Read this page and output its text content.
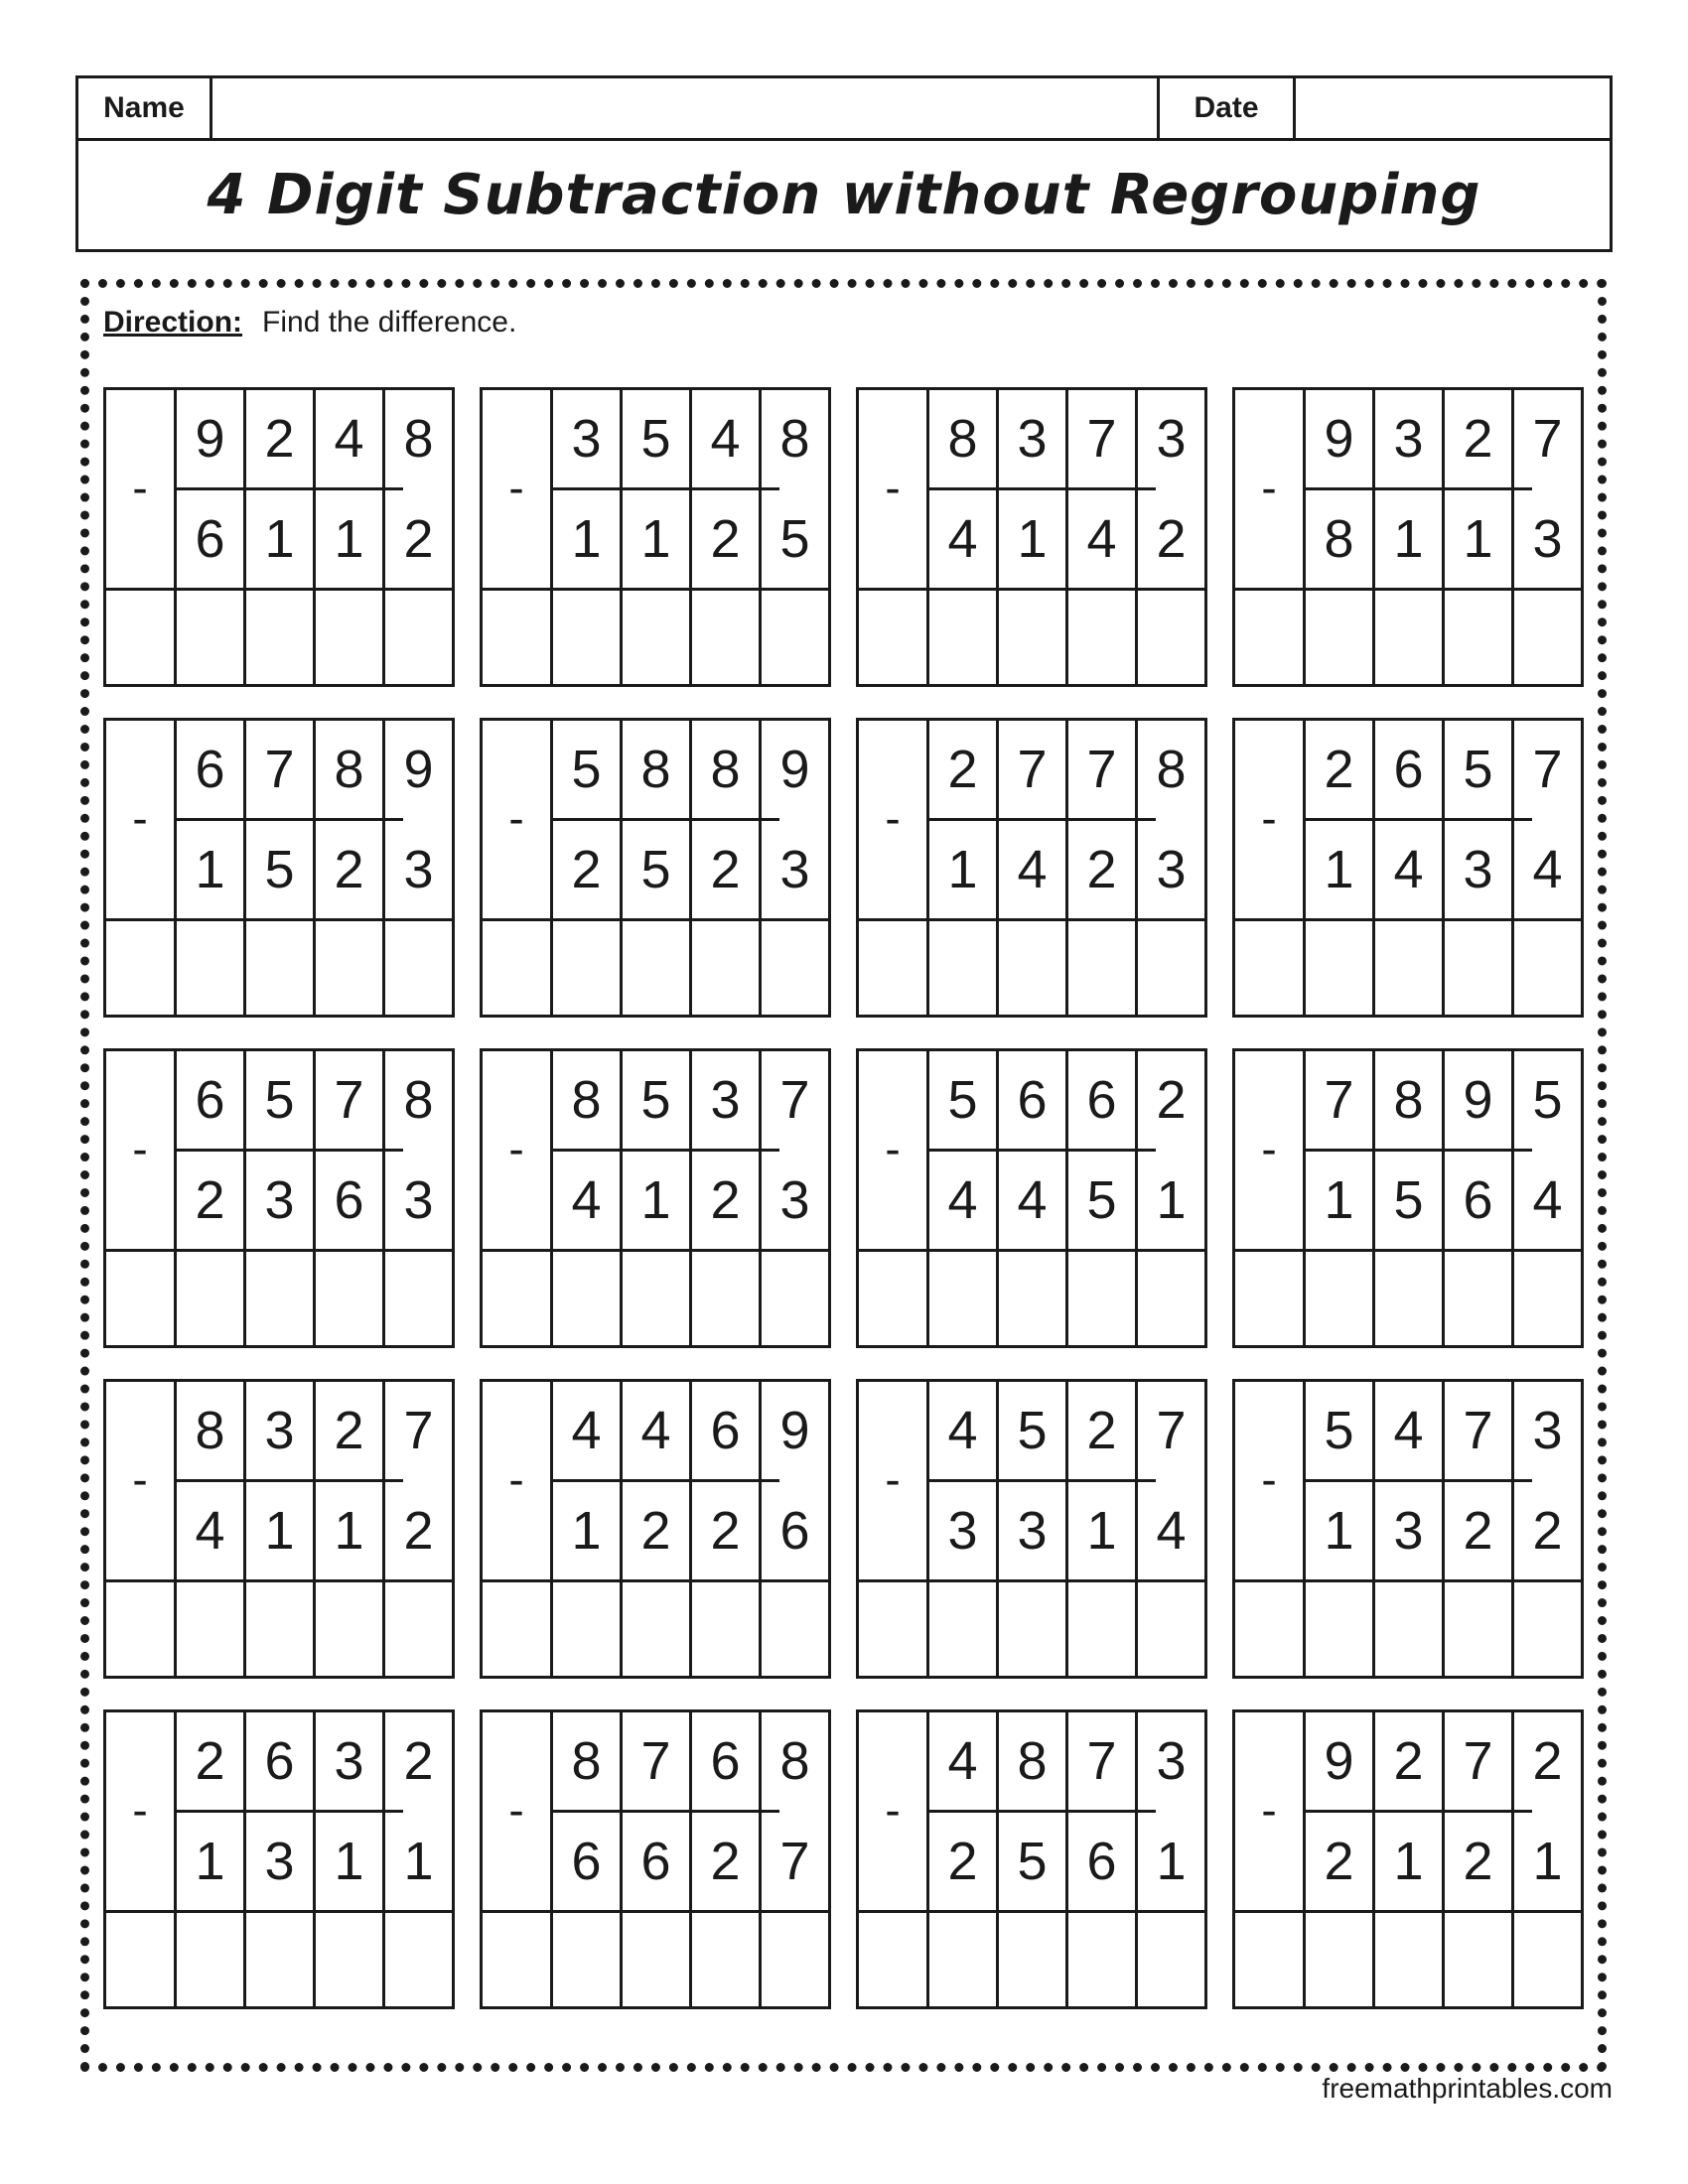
Name	Date
4 Digit Subtraction without Regrouping
Direction: Find the difference.
-
9 2 4 8
6 1 1 2
-
3 5 4 8
1 1 2 5
-
8 3 7 3
4 1 4 2
-
9 3 2 7
8 1 1 3
-
6 7 8 9
1 5 2 3
-
5 8 8 9
2 5 2 3
-
2 7 7 8
1 4 2 3
-
2 6 5 7
1 4 3 4
-
6 5 7 8
2 3 6 3
-
8 5 3 7
4 1 2 3
-
5 6 6 2
4 4 5 1
-
7 8 9 5
1 5 6 4
-
8 3 2 7
4 1 1 2
-
4 4 6 9
1 2 2 6
-
4 5 2 7
3 3 1 4
-
5 4 7 3
1 3 2 2
-
2 6 3 2
1 3 1 1
-
8 7 6 8
6 6 2 7
-
4 8 7 3
2 5 6 1
-
9 2 7 2
2 1 2 1
freemathprintables.com
